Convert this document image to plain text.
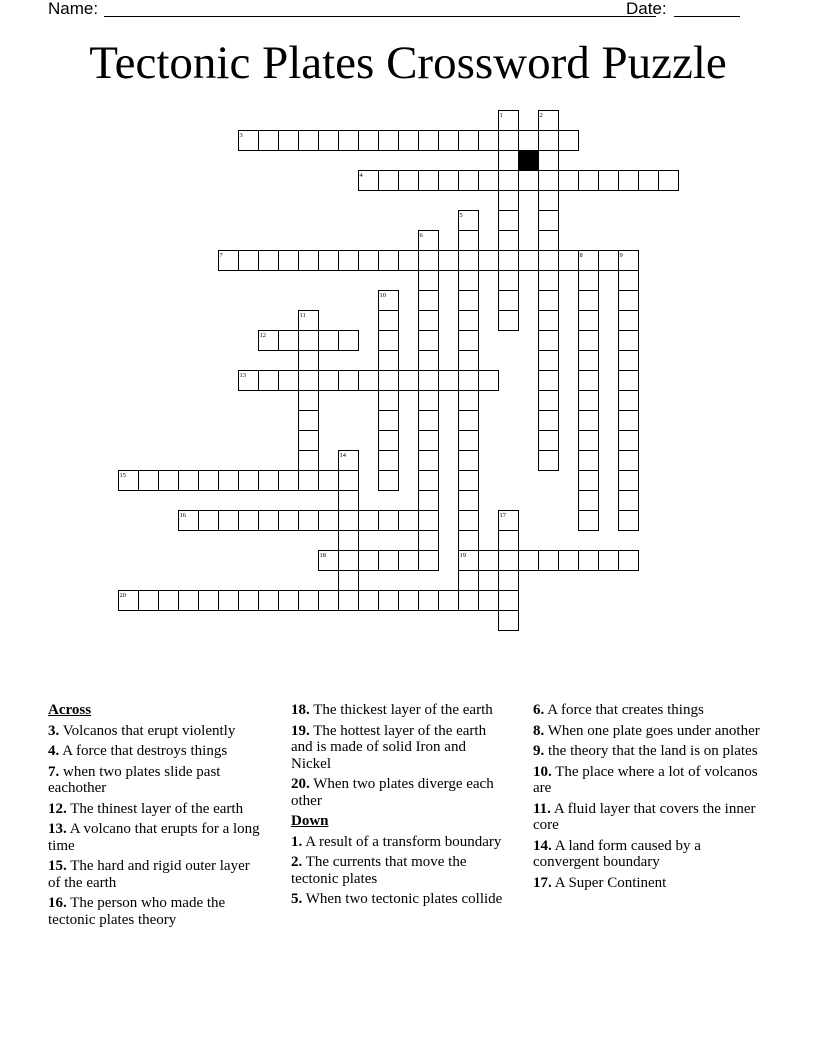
Name:	Date:
Tectonic Plates Crossword Puzzle
1	2
3
4
5
6
7	8	9
10
11
12
13
14
15
16	17
18	19
20
Across
3. Volcanos that erupt violently
4. A force that destroys things
7. when two plates slide past eachother
12. The thinest layer of the earth
13. A volcano that erupts for a long time
15. The hard and rigid outer layer of the earth
16. The person who made the tectonic plates theory
18. The thickest layer of the earth
19. The hottest layer of the earth and is made of solid Iron and Nickel
20. When two plates diverge each other
Down
1. A result of a transform boundary
2. The currents that move the tectonic plates
5. When two tectonic plates collide
6. A force that creates things
8. When one plate goes under another
9. the theory that the land is on plates
10. The place where a lot of volcanos are
11. A fluid layer that covers the inner core
14. A land form caused by a convergent boundary
17. A Super Continent
